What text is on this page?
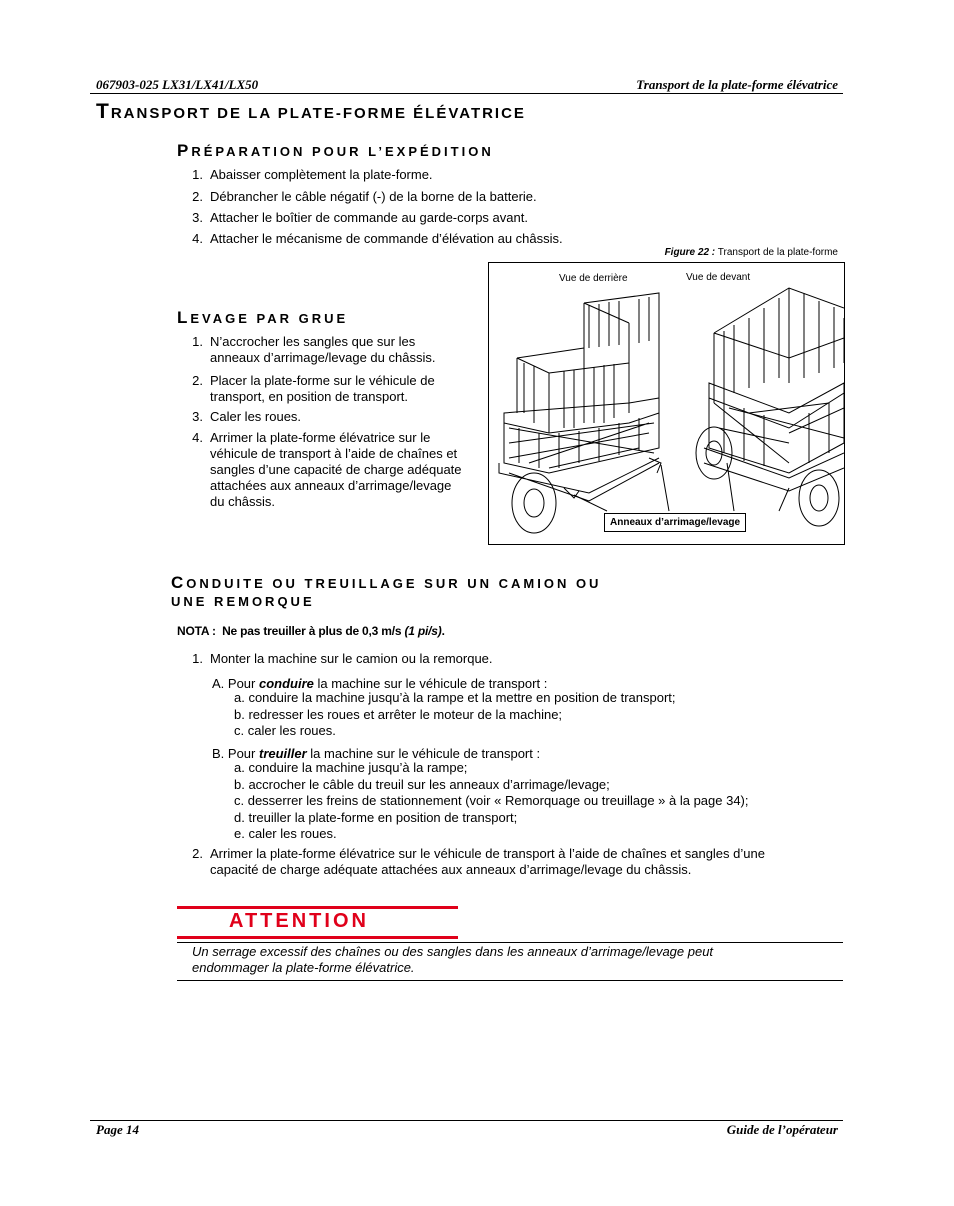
067903-025 LX31/LX41/LX50	Transport de la plate-forme élévatrice
TRANSPORT DE LA PLATE-FORME ÉLÉVATRICE
PRÉPARATION POUR L’EXPÉDITION
1. Abaisser complètement la plate-forme.
2. Débrancher le câble négatif (-) de la borne de la batterie.
3. Attacher le boîtier de commande au garde-corps avant.
4. Attacher le mécanisme de commande d’élévation au châssis.
Figure 22 : Transport de la plate-forme
Vue de derrière	Vue de devant
Anneaux d’arrimage/levage
LEVAGE PAR GRUE
1. N’accrocher les sangles que sur les
anneaux d’arrimage/levage du châssis.
2. Placer la plate-forme sur le véhicule de
transport, en position de transport.
3. Caler les roues.
4. Arrimer la plate-forme élévatrice sur le
véhicule de transport à l’aide de chaînes et
sangles d’une capacité de charge adéquate
attachées aux anneaux d’arrimage/levage
du châssis.
CONDUITE OU TREUILLAGE SUR UN CAMION OU
UNE REMORQUE
NOTA : Ne pas treuiller à plus de 0,3 m/s (1 pi/s).
1. Monter la machine sur le camion ou la remorque.
A. Pour conduire la machine sur le véhicule de transport :
a. conduire la machine jusqu’à la rampe et la mettre en position de transport;
b. redresser les roues et arrêter le moteur de la machine;
c. caler les roues.
B. Pour treuiller la machine sur le véhicule de transport :
a. conduire la machine jusqu’à la rampe;
b. accrocher le câble du treuil sur les anneaux d’arrimage/levage;
c. desserrer les freins de stationnement (voir « Remorquage ou treuillage » à la page 34);
d. treuiller la plate-forme en position de transport;
e. caler les roues.
2. Arrimer la plate-forme élévatrice sur le véhicule de transport à l’aide de chaînes et sangles d’une
capacité de charge adéquate attachées aux anneaux d’arrimage/levage du châssis.
ATTENTION
Un serrage excessif des chaînes ou des sangles dans les anneaux d’arrimage/levage peut
endommager la plate-forme élévatrice.
Page 14	Guide de l’opérateur
